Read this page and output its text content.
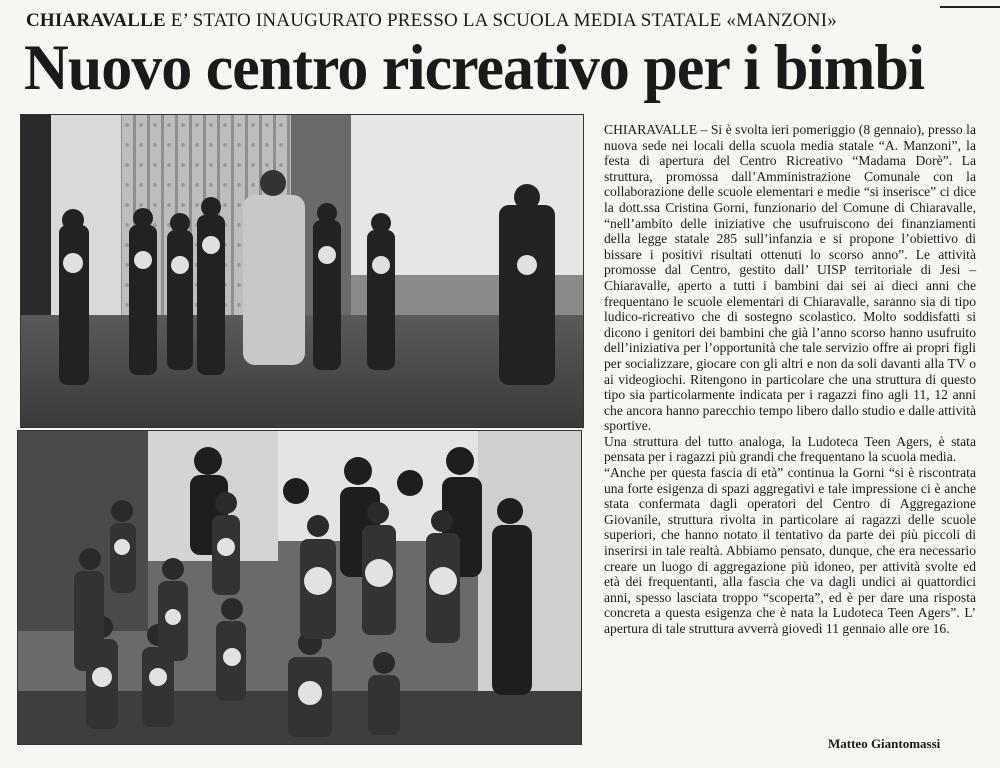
CHIARAVALLE E’ STATO INAUGURATO PRESSO LA SCUOLA MEDIA STATALE «MANZONI»
Nuovo centro ricreativo per i bimbi

CHIARAVALLE – Si è svolta ieri pomeriggio (8 gennaio), presso la nuova sede nei locali della scuola media statale “A. Manzoni”, la festa di apertura del Centro Ricreativo “Madama Dorè”. La struttura, promossa dall’Amministrazione Comunale con la collaborazione delle scuole elementari e medie “si inserisce” ci dice la dott.ssa Cristina Gorni, funzionario del Comune di Chiaravalle, “nell’ambito delle iniziative che usufruiscono dei finanziamenti della legge statale 285 sull’infanzia e si propone l’obiettivo di bissare i positivi risultati ottenuti lo scorso anno”. Le attività promosse dal Centro, gestito dall’ UISP territoriale di Jesi – Chiaravalle, aperto a tutti i bambini dai sei ai dieci anni che frequentano le scuole elementari di Chiaravalle, saranno sia di tipo ludico-ricreativo che di sostegno scolastico. Molto soddisfatti si dicono i genitori dei bambini che già l’anno scorso hanno usufruito dell’iniziativa per l’opportunità che tale servizio offre ai propri figli per socializzare, giocare con gli altri e non da soli davanti alla TV o ai videogiochi. Ritengono in particolare che una struttura di questo tipo sia particolarmente indicata per i ragazzi fino agli 11, 12 anni che ancora hanno parecchio tempo libero dallo studio e dalle attività sportive.

Una struttura del tutto analoga, la Ludoteca Teen Agers, è stata pensata per i ragazzi più grandi che frequentano la scuola media.

“Anche per questa fascia di età” continua la Gorni “si è riscontrata una forte esigenza di spazi aggregativi e tale impressione ci è anche stata confermata dagli operatori del Centro di Aggregazione Giovanile, struttura rivolta in particolare ai ragazzi delle scuole superiori, che hanno notato il tentativo da parte dei più piccoli di inserirsi in tale realtà. Abbiamo pensato, dunque, che era necessario creare un luogo di aggregazione più idoneo, per attività svolte ed età dei frequentanti, alla fascia che va dagli undici ai quattordici anni, spesso lasciata troppo “scoperta”, ed è per dare una risposta concreta a questa esigenza che è nata la Ludoteca Teen Agers”. L’ apertura di tale struttura avverrà giovedì 11 gennaio alle ore 16.

Matteo Giantomassi
